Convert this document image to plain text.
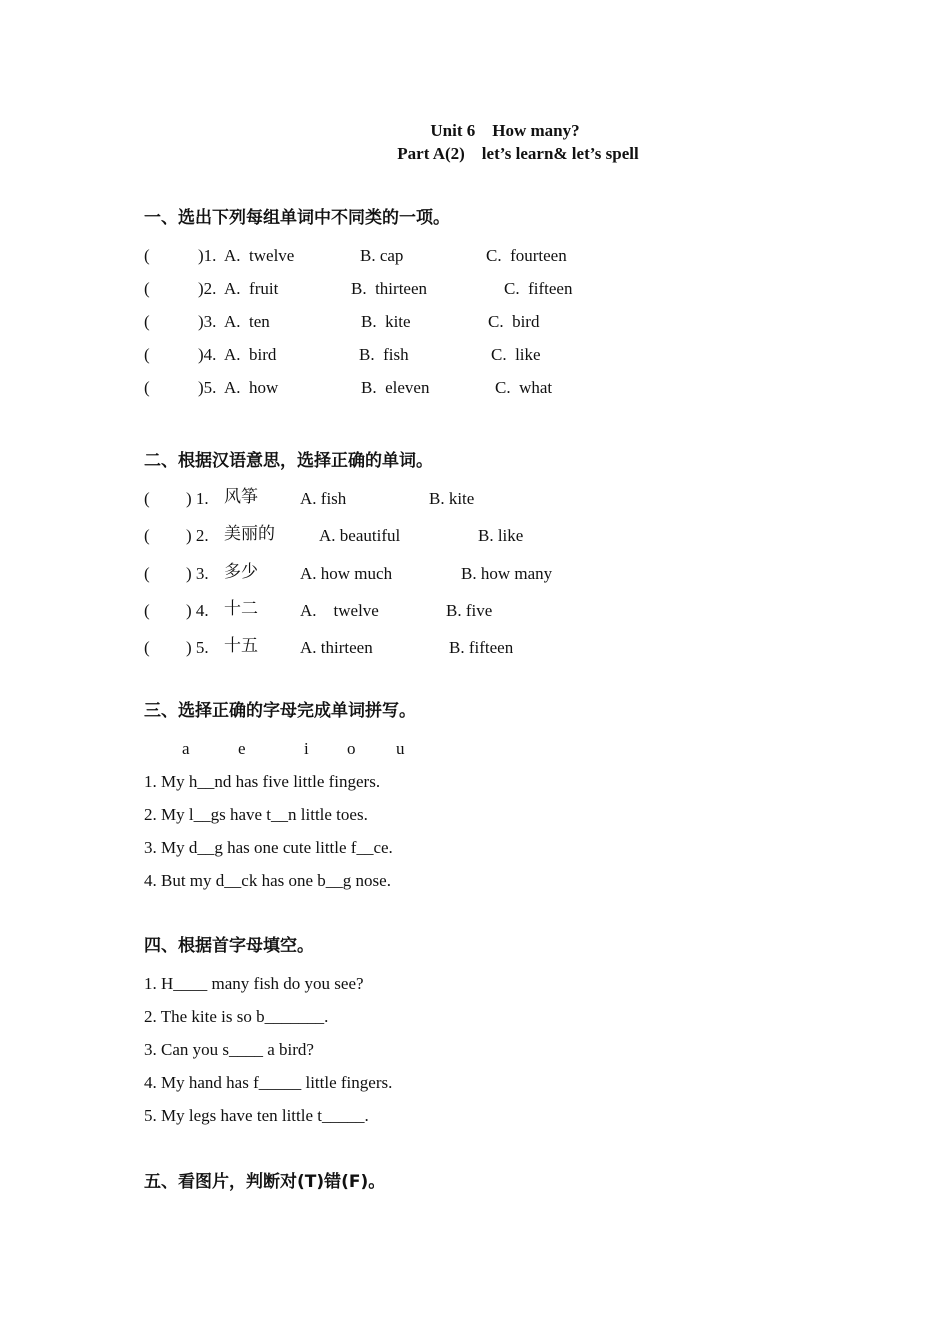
Unit 6    How many?
Part A(2)    let’s learn& let’s spell
一、选出下列每组单词中不同类的一项。
(	)1. A.  twelve	B. cap	C.  fourteen
(	)2. A.  fruit	B.  thirteen	C.  fifteen
(	)3. A.  ten	B.  kite	C.  bird
(	)4. A.  bird	B.  fish	C.  like
(	)5. A.  how	B.  eleven	C.  what
二、根据汉语意思，选择正确的单词。
( ) 1. 风筝 A. fish	B. kite
( ) 2. 美丽的	A. beautiful	B. like
( ) 3. 多少 A. how much	B. how many
( ) 4. 十二 A.    twelve	B. five
( ) 5. 十五 A. thirteen	B. fifteen
三、选择正确的字母完成单词拼写。
a	e	i o u
1. My h__nd has five little fingers.
2. My l__gs have t__n little toes.
3. My d__g has one cute little f__ce.
4. But my d__ck has one b__g nose.
四、根据首字母填空。
1. H____ many fish do you see?
2. The kite is so b_______.
3. Can you s____ a bird?
4. My hand has f_____ little fingers.
5. My legs have ten little t_____.
五、看图片，判断对(T)错(F)。
